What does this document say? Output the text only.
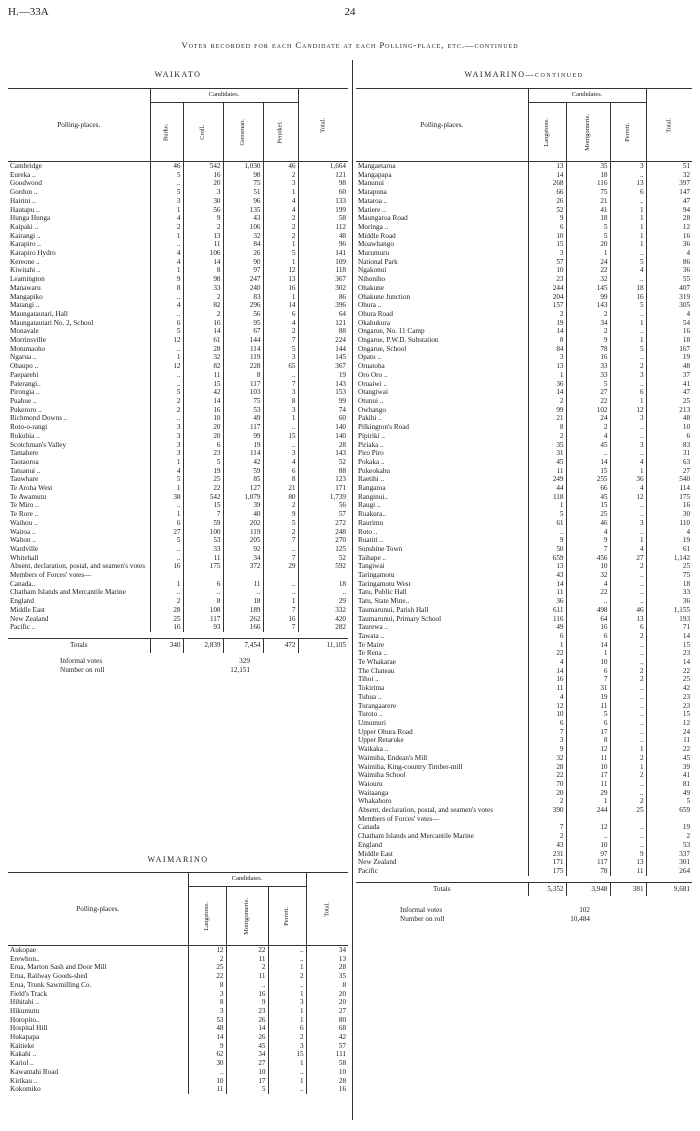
H.—33A	24
Votes recorded for each Candidate at each Polling-place, etc.—continued
WAIKATO
Polling-places.	Candidates.				Total.

	Burke.	Croll.	Goosman.	Pennket.	

Cambridge	46	542	1,030	46	1,664
Eureka ..	5	16	98	2	121
Goodwood	..	20	75	3	98
Gordon ..	5	3	51	1	60
Hairini ..	3	30	96	4	133
Hautapu ..	1	56	135	4	199
Hunga Hunga	4	9	43	2	58
Kaipaki ..	2	2	106	2	112
Kairangi ..	1	13	32	2	48
Karapiro ..	..	11	84	1	96
Karapiro Hydro	4	106	26	5	141
Kereone ..	4	14	90	1	109
Kiwitahi ..	1	8	97	12	118
Leamington	9	98	247	13	367
Manawaru	8	33	240	16	302
Mangapiko	..	2	83	1	86
Matangi ..	4	82	296	14	396
Maungatautari, Hall	..	2	56	6	64
Maungatautari No. 2, School	6	16	95	4	121
Monavale	5	14	67	2	88
Morrinsville	12	61	144	7	224
Motumaoho	..	28	114	5	144
Ngarua ..	1	32	119	3	145
Ohaupo ..	12	82	228	65	367
Paeparehi	..	11	8	..	19
Paterangi..	..	15	117	7	143
Pirongia ..	5	42	103	3	153
Puahue ..	2	14	75	8	99
Pukeroro ..	2	16	53	3	74
Richmond Downs ..	..	10	49	1	60
Roto-o-rangi	3	20	117	..	140
Rukuhia ..	3	20	99	15	140
Scotchman's Valley	3	6	19	..	28
Tamahere	3	23	114	3	143
Taotaoroa	1	5	42	4	52
Tatuanui ..	4	19	59	6	88
Tauwhare	5	25	85	8	123
Te Aroha West	1	22	127	21	171
Te Awamutu	38	542	1,079	80	1,739
Te Miro ..	..	15	39	2	56
Te Rore ..	1	7	40	9	57
Waihou ..	6	59	202	5	272
Waitoa ..	27	100	119	2	248
Walton ..	5	53	205	7	270
Wardville	..	33	92	..	125
Whitehall	..	11	34	7	52
Absent, declaration, postal, and seamen's votes	16	175	372	29	592
Members of Forces' votes—					
Canada..	1	6	11	..	18
Chatham Islands and Mercantile Marine	..	..	..	..	..
England	2	8	18	1	29
Middle East	28	108	189	7	332
New Zealand	25	117	262	16	420
Pacific ..	16	93	166	7	282

Totals	340	2,839	7,454	472	11,105
Informal votes	329
Number on roll	12,151
WAIMARINO
Polling-places.	Candidates.			Total.

	Langstone.	Montgomerie.	Perrett.	

Aukopae	12	22	..	34
Erewhon..	2	11	..	13
Erua, Marton Sash and Door Mill	25	2	1	28
Erua, Railway Goods-shed	22	11	2	35
Erua, Trunk Sawmilling Co.	8	..	..	8
Field's Track	3	16	1	20
Hihitahi ..	8	9	3	20
Hikumutu	3	23	1	27
Horopito..	53	26	1	80
Hospital Hill	48	14	6	68
Hukapapa	14	26	2	42
Kaitieke	9	45	3	57
Kakahi ..	62	34	15	111
Kariol ..	30	27	1	58
Kawantahi Road	..	10	..	10
Kirikau ..	10	17	1	28
Kokomiko	11	5	..	16
WAIMARINO—continued
Polling-places.	Candidates.			Total.

	Langstone.	Montgomerie.	Perrett.	

Mangaetaroa	13	35	3	51
Mangapapa	14	18	..	32
Manunui	268	116	13	397
Matapuna	66	75	6	147
Mataroa ..	26	21	..	47
Matiere ..	52	41	1	94
Maungaroa Road	9	18	1	28
Moringa ..	6	5	1	12
Middle Road	10	5	1	16
Moawhango	15	20	1	36
Murumuru	3	1	..	4
National Park	57	24	5	86
Ngakonui	10	22	4	36
Nihoniho	23	32	..	55
Ohakune	244	145	18	407
Ohakune Junction	204	99	16	319
Ohura ..	157	143	5	305
Ohura Road	2	2	..	4
Okahukura	19	34	1	54
Ongarue, No. 11 Camp	14	2	..	16
Ongarue, P.W.D. Substation	8	9	1	18
Ongarue, School	84	78	5	167
Opatu ..	3	16	..	19
Oruatoha	13	33	2	48
Oro Oro ..	1	33	3	37
Oruaiwi ..	36	5	..	41
Otangiwai	14	27	6	47
Otunui ..	2	22	1	25
Owhango	99	102	12	213
Pakihi ..	21	24	3	48
Pilkington's Road	8	2	..	10
Pipiriki ..	2	4	..	6
Piriaka ..	35	45	3	83
Piro Piro	31	..	..	31
Pokaka ..	45	14	4	63
Pukeokahu	11	15	1	27
Raetihi ..	249	255	36	540
Rangaroa	44	66	4	114
Ranginui..	118	45	12	175
Raugi ..	1	15	..	16
Ruakura..	5	25	..	30
Raurimu	61	46	3	110
Roto ..	..	4	..	4
Ruatiti ..	9	9	1	19
Sunshine Town	50	7	4	61
Taihape ..	659	456	27	1,142
Tangiwai	13	10	2	25
Taringamotu	43	32	..	75
Taringamotu West	14	4	..	18
Tatu, Public Hall	11	22	..	33
Tatu, State Mine..	36	..	..	36
Taumarunui, Parish Hall	611	498	46	1,155
Taumarunui, Primary School	116	64	13	193
Taurewa ..	49	16	6	71
Tawata ..	6	6	2	14
Te Maire	1	14	..	15
Te Rena ..	22	1	..	23
Te Whakarae	4	10	..	14
The Chateau	14	6	2	22
Tihoi ..	16	7	2	25
Tokirima	11	31	..	42
Tuhua ..	4	19	..	23
Turangaarere	12	11	..	23
Turoto ..	10	5	..	15
Umumuri	6	6	..	12
Upper Ohura Road	7	17	..	24
Upper Retaruke	3	8	..	11
Waikaka ..	9	12	1	22
Waimiha, Endean's Mill	32	11	2	45
Waimiha, King-country Timber-mill	28	10	1	39
Waimiha School	22	17	2	41
Waiouru	70	11	..	81
Waitaanga	20	29	..	49
Whakahoro	2	1	2	5
Absent, declaration, postal, and seamen's votes	390	244	25	659
Members of Forces' votes—				
Canada	7	12	..	19
Chatham Islands and Mercantile Marine	2	..	..	2
England	43	10	..	53
Middle East	231	97	9	337
New Zealand	171	117	13	301
Pacific	175	78	11	264

Totals	5,352	3,948	381	9,681
Informal votes	102
Number on roll	10,484
